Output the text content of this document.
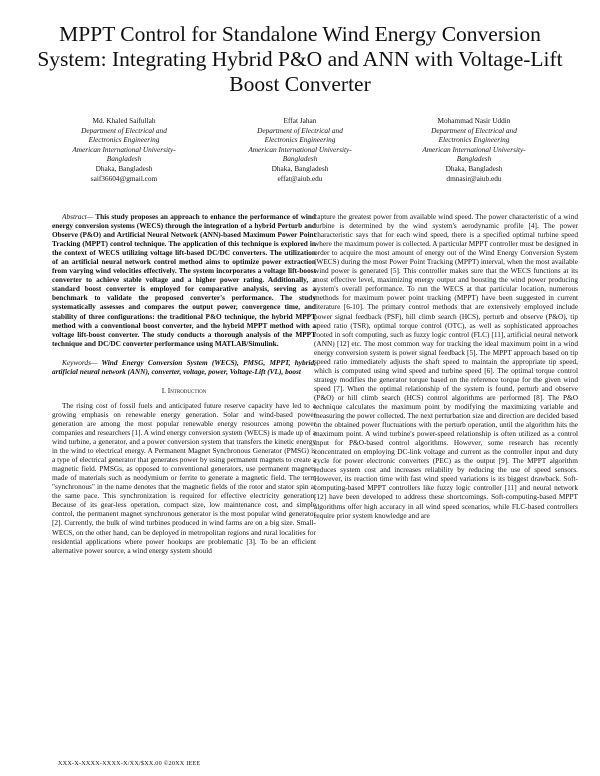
MPPT Control for Standalone Wind Energy Conversion System: Integrating Hybrid P&O and ANN with Voltage-Lift Boost Converter
Md. Khaled Saifullah
Department of Electrical and
Electronics Engineering
American International University-
Bangladesh
Dhaka, Bangladesh
saif36604@gmail.com
Effat Jahan
Department of Electrical and
Electronics Engineering
American International University-
Bangladesh
Dhaka, Bangladesh
effat@aiub.edu
Mohammad Nasir Uddin
Department of Electrical and
Electronics Engineering
American International University-
Bangladesh
Dhaka, Bangladesh
dmnasir@aiub.edu

Abstract— This study proposes an approach to enhance the performance of wind energy conversion systems (WECS) through the integration of a hybrid Perturb and Observe (P&O) and Artificial Neural Network (ANN)-based Maximum Power Point Tracking (MPPT) control technique. The application of this technique is explored in the context of WECS utilizing voltage lift-based DC/DC converters. The utilization of an artificial neural network control method aims to optimize power extraction from varying wind velocities effectively. The system incorporates a voltage lift-boost converter to achieve stable voltage and a higher power rating. Additionally, a standard boost converter is employed for comparative analysis, serving as a benchmark to validate the proposed converter's performance. The study systematically assesses and compares the output power, convergence time, and stability of three configurations: the traditional P&O technique, the hybrid MPPT method with a conventional boost converter, and the hybrid MPPT method with a voltage lift-boost converter. The study conducts a thorough analysis of the MPPT technique and DC/DC converter performance using MATLAB/Simulink.

Keywords— Wind Energy Conversion System (WECS), PMSG, MPPT, hybrid, artificial neural network (ANN), converter, voltage, power, Voltage-Lift (VL), boost

I. Introduction

The rising cost of fossil fuels and anticipated future reserve capacity have led to a growing emphasis on renewable energy generation. Solar and wind-based power generation are among the most popular renewable energy resources among power companies and researchers [1]. A wind energy conversion system (WECS) is made up of a wind turbine, a generator, and a power conversion system that transfers the kinetic energy in the wind to electrical energy. A Permanent Magnet Synchronous Generator (PMSG) is a type of electrical generator that generates power by using permanent magnets to create a magnetic field. PMSGs, as opposed to conventional generators, use permanent magnets made of materials such as neodymium or ferrite to generate a magnetic field. The term "synchronous" in the name denotes that the magnetic fields of the rotor and stator spin at the same pace. This synchronization is required for effective electricity generation. Because of its gear-less operation, compact size, low maintenance cost, and simple control, the permanent magnet synchronous generator is the most popular wind generator [2]. Currently, the bulk of wind turbines produced in wind farms are on a big size. Small-WECS, on the other hand, can be deployed in metropolitan regions and rural localities for residential applications where power hookups are problematic [3]. To be an efficient alternative power source, a wind energy system should

capture the greatest power from available wind speed. The power characteristic of a wind turbine is determined by the wind system's aerodynamic profile [4]. The power characteristic says that for each wind speed, there is a specified optimal turbine speed where the maximum power is collected. A particular MPPT controller must be designed in order to acquire the most amount of energy out of the Wind Energy Conversion System (WECS) during the most Power Point Tracking (MPPT) interval, when the most available wind power is generated [5]. This controller makes sure that the WECS functions at its most effective level, maximizing energy output and boosting the wind power producing system's overall performance. To run the WECS at that particular location, numerous methods for maximum power point tracking (MPPT) have been suggested in current literature [6-10]. The primary control methods that are extensively employed include power signal feedback (PSF), hill climb search (HCS), perturb and observe (P&O), tip speed ratio (TSR), optimal torque control (OTC), as well as sophisticated approaches rooted in soft computing, such as fuzzy logic control (FLC) [11], artificial neural network (ANN) [12] etc. The most common way for tracking the ideal maximum point in a wind energy conversion system is power signal feedback [5]. The MPPT approach based on tip speed ratio immediately adjusts the shaft speed to maintain the appropriate tip speed, which is computed using wind speed and turbine speed [6]. The optimal torque control strategy modifies the generator torque based on the reference torque for the given wind speed [7]. When the optimal relationship of the system is found, perturb and observe (P&O) or hill climb search (HCS) control algorithms are performed [8]. The P&O technique calculates the maximum point by modifying the maximizing variable and measuring the power collected. The next perturbation size and direction are decided based on the obtained power fluctuations with the perturb operation, until the algorithm hits the maximum point. A wind turbine's power-speed relationship is often utilized as a control input for P&O-based control algorithms. However, some research has recently concentrated on employing DC-link voltage and current as the controller input and duty cycle for power electronic converters (PEC) as the output [9]. The MPPT algorithm reduces system cost and increases reliability by reducing the use of speed sensors. However, its reaction time with fast wind speed variations is its biggest drawback. Soft-computing-based MPPT controllers like fuzzy logic controller [11] and neural network [12] have been developed to address these shortcomings. Soft-computing-based MPPT algorithms offer high accuracy in all wind speed scenarios, while FLC-based controllers require prior system knowledge and are

XXX-X-XXXX-XXXX-X/XX/$XX.00 ©20XX IEEE
